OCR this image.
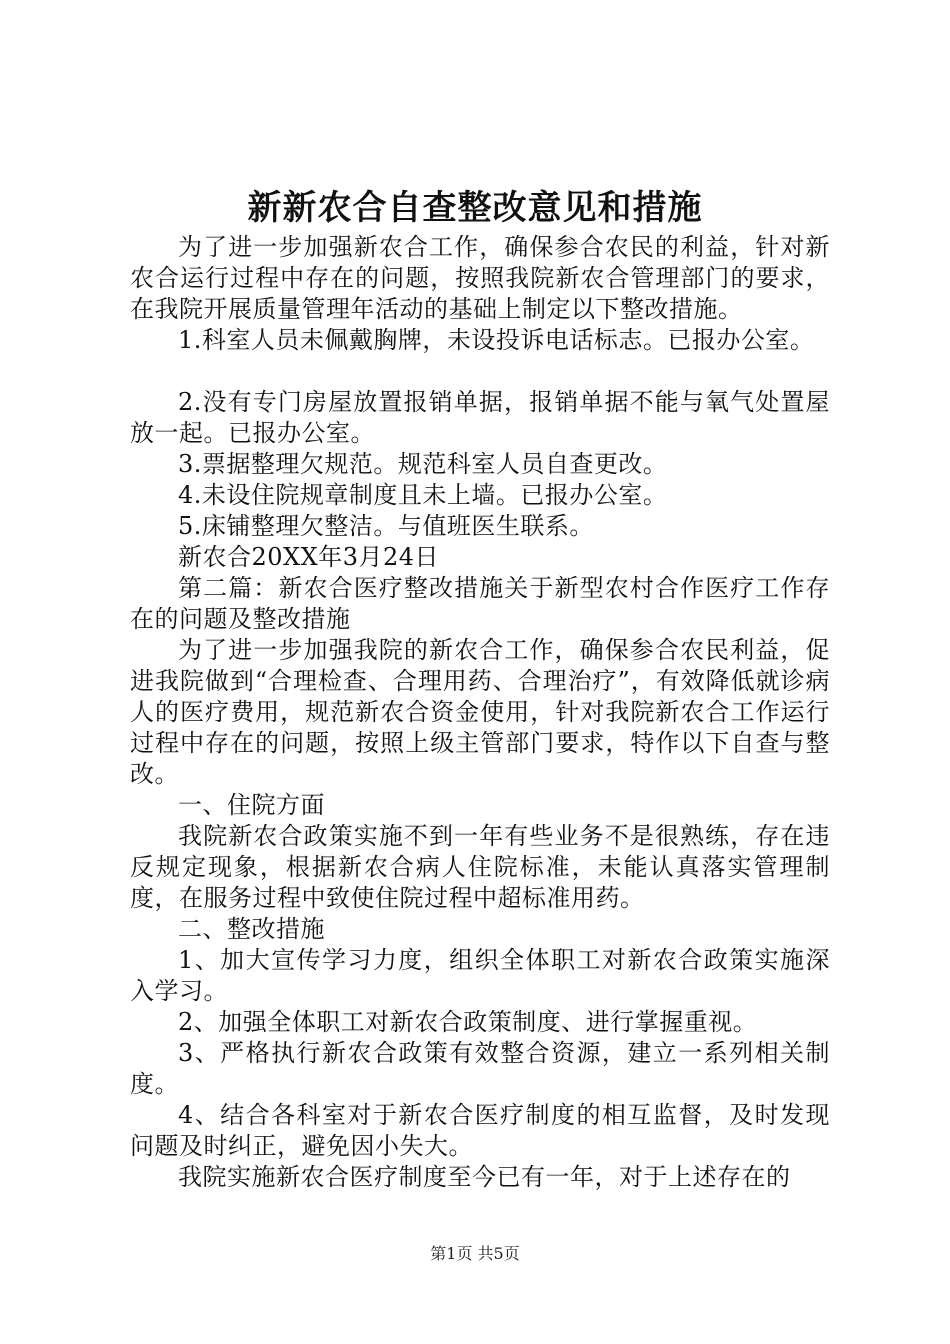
新新农合自查整改意见和措施

为了进一步加强新农合工作，确保参合农民的利益，针对新农合运行过程中存在的问题，按照我院新农合管理部门的要求，在我院开展质量管理年活动的基础上制定以下整改措施。

1.科室人员未佩戴胸牌，未设投诉电话标志。已报办公室。

2.没有专门房屋放置报销单据，报销单据不能与氧气处置屋放一起。已报办公室。

3.票据整理欠规范。规范科室人员自查更改。

4.未设住院规章制度且未上墙。已报办公室。

5.床铺整理欠整洁。与值班医生联系。

新农合20XX年3月24日

第二篇：新农合医疗整改措施关于新型农村合作医疗工作存在的问题及整改措施

为了进一步加强我院的新农合工作，确保参合农民利益，促进我院做到“合理检查、合理用药、合理治疗”，有效降低就诊病人的医疗费用，规范新农合资金使用，针对我院新农合工作运行过程中存在的问题，按照上级主管部门要求，特作以下自查与整改。

一、住院方面

我院新农合政策实施不到一年有些业务不是很熟练，存在违反规定现象，根据新农合病人住院标准，未能认真落实管理制度，在服务过程中致使住院过程中超标准用药。

二、整改措施

1、加大宣传学习力度，组织全体职工对新农合政策实施深入学习。

2、加强全体职工对新农合政策制度、进行掌握重视。

3、严格执行新农合政策有效整合资源，建立一系列相关制度。

4、结合各科室对于新农合医疗制度的相互监督，及时发现问题及时纠正，避免因小失大。

我院实施新农合医疗制度至今已有一年，对于上述存在的

第1页 共5页
